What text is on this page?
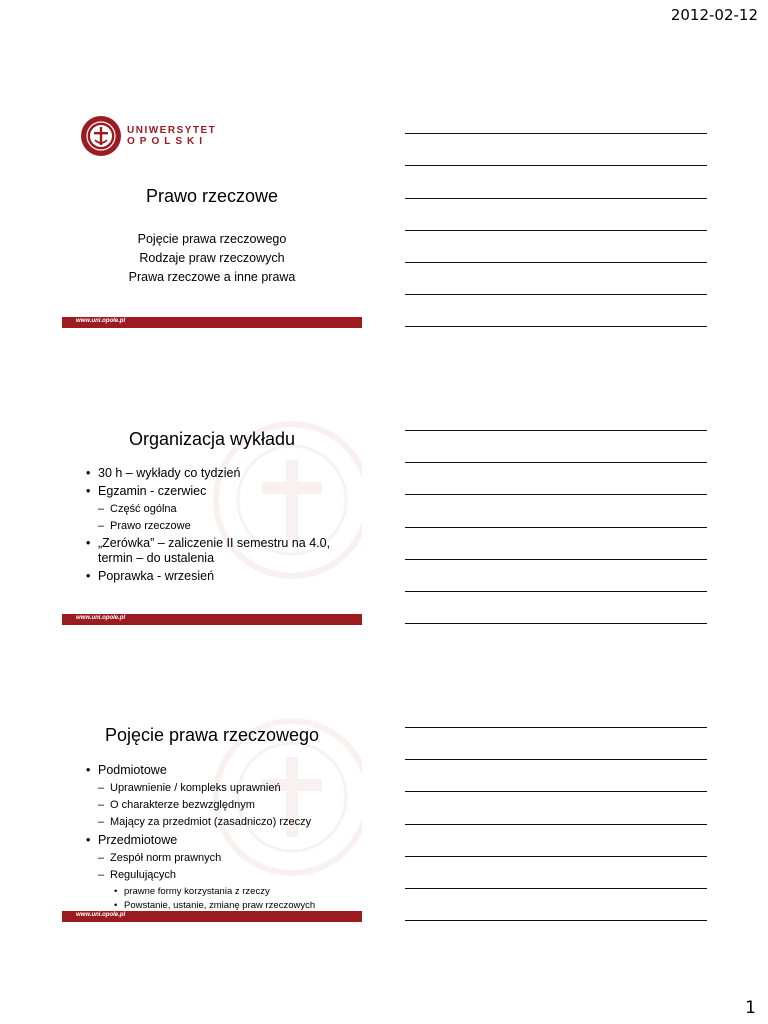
2012-02-12
UNIWERSYTET
OPOLSKI
Prawo rzeczowe
Pojęcie prawa rzeczowego
Rodzaje praw rzeczowych
Prawa rzeczowe a inne prawa
www.uni.opole.pl
Organizacja wykładu
• 30 h – wykłady co tydzień
• Egzamin - czerwiec
– Część ogólna
– Prawo rzeczowe
• „Zerówka” – zaliczenie II semestru na 4.0, termin – do ustalenia
• Poprawka - wrzesień
www.uni.opole.pl
Pojęcie prawa rzeczowego
• Podmiotowe
– Uprawnienie / kompleks uprawnień
– O charakterze bezwzględnym
– Mający za przedmiot (zasadniczo) rzeczy
• Przedmiotowe
– Zespół norm prawnych
– Regulujących
• prawne formy korzystania z rzeczy
• Powstanie, ustanie, zmianę praw rzeczowych
www.uni.opole.pl
1
